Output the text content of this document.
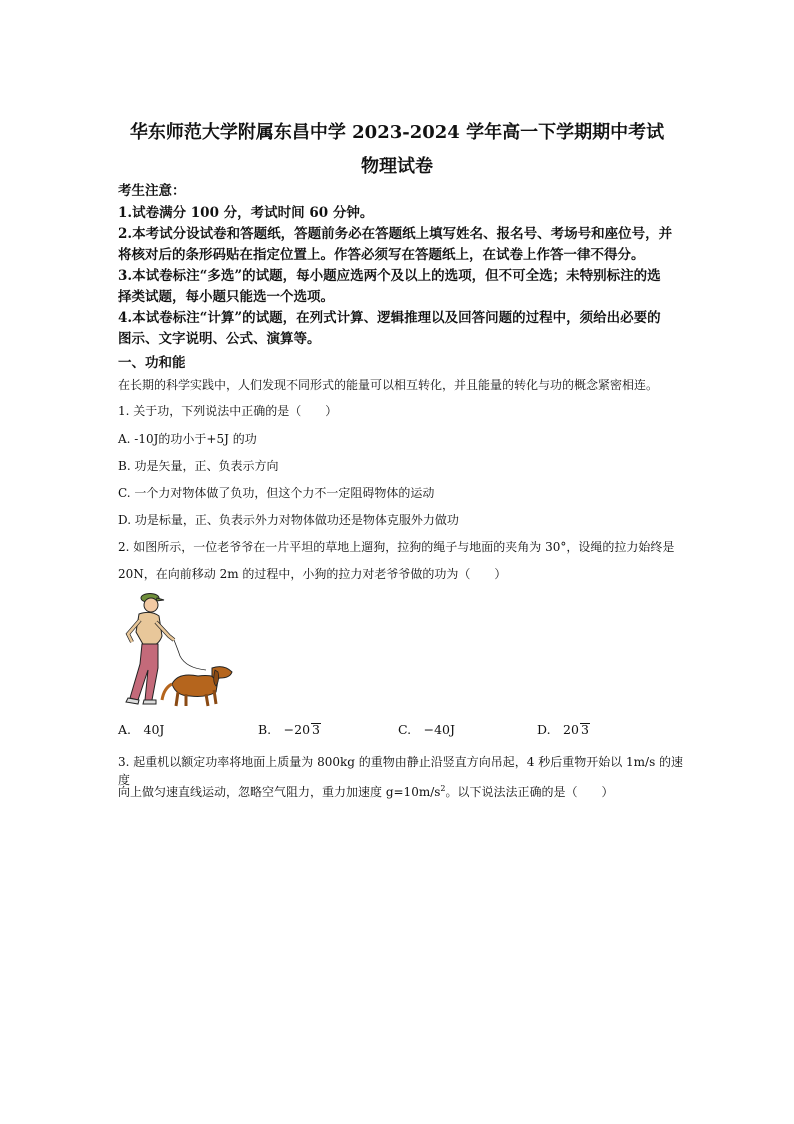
华东师范大学附属东昌中学 2023-2024 学年高一下学期期中考试
物理试卷
考生注意：
1.试卷满分 100 分，考试时间 60 分钟。
2.本考试分设试卷和答题纸，答题前务必在答题纸上填写姓名、报名号、考场号和座位号，并
将核对后的条形码贴在指定位置上。作答必须写在答题纸上，在试卷上作答一律不得分。
3.本试卷标注“多选”的试题，每小题应选两个及以上的选项，但不可全选；未特别标注的选
择类试题，每小题只能选一个选项。
4.本试卷标注“计算”的试题，在列式计算、逻辑推理以及回答问题的过程中，须给出必要的
图示、文字说明、公式、演算等。
一、功和能
在长期的科学实践中，人们发现不同形式的能量可以相互转化，并且能量的转化与功的概念紧密相连。
1. 关于功，下列说法中正确的是（　　）
A. -10J的功小于+5J 的功
B. 功是矢量，正、负表示方向
C. 一个力对物体做了负功，但这个力不一定阻碍物体的运动
D. 功是标量，正、负表示外力对物体做功还是物体克服外力做功
2. 如图所示，一位老爷爷在一片平坦的草地上遛狗，拉狗的绳子与地面的夹角为 30°，设绳的拉力始终是
20N，在向前移动 2m 的过程中，小狗的拉力对老爷爷做的功为（　　）
A.　40J	B.　−20 3	C.　−40J	D.　20 3
3. 起重机以额定功率将地面上质量为 800kg 的重物由静止沿竖直方向吊起，4 秒后重物开始以 1m/s 的速度
向上做匀速直线运动，忽略空气阻力，重力加速度 $g=10m/s^2$。以下说法法正确的是（　　）
